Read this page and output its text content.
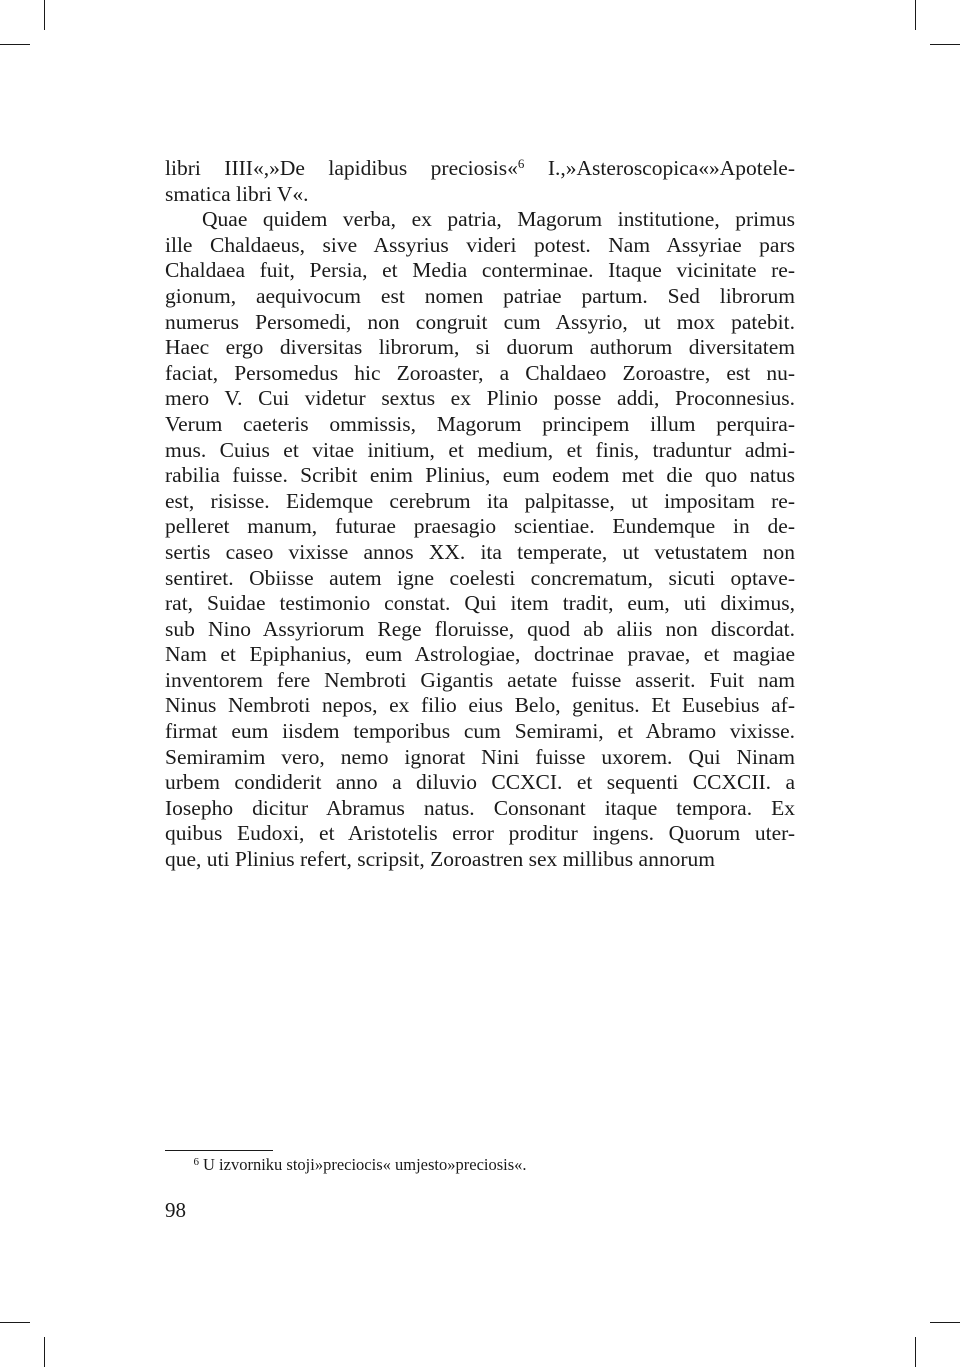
libri IIII«,»De lapidibus preciosis«$^6$ I.,»Asteroscopica«»Apotele-
smatica libri V«.
Quae quidem verba, ex patria, Magorum institutione, primus
ille Chaldaeus, sive Assyrius videri potest. Nam Assyriae pars
Chaldaea fuit, Persia, et Media conterminae. Itaque vicinitate re-
gionum, aequivocum est nomen patriae partum. Sed librorum
numerus Persomedi, non congruit cum Assyrio, ut mox patebit.
Haec ergo diversitas librorum, si duorum authorum diversitatem
faciat, Persomedus hic Zoroaster, a Chaldaeo Zoroastre, est nu-
mero V. Cui videtur sextus ex Plinio posse addi, Proconnesius.
Verum caeteris ommissis, Magorum principem illum perquira-
mus. Cuius et vitae initium, et medium, et finis, traduntur admi-
rabilia fuisse. Scribit enim Plinius, eum eodem met die quo natus
est, risisse. Eidemque cerebrum ita palpitasse, ut impositam re-
pelleret manum, futurae praesagio scientiae. Eundemque in de-
sertis caseo vixisse annos XX. ita temperate, ut vetustatem non
sentiret. Obiisse autem igne coelesti concrematum, sicuti optave-
rat, Suidae testimonio constat. Qui item tradit, eum, uti diximus,
sub Nino Assyriorum Rege floruisse, quod ab aliis non discordat.
Nam et Epiphanius, eum Astrologiae, doctrinae pravae, et magiae
inventorem fere Nembroti Gigantis aetate fuisse asserit. Fuit nam
Ninus Nembroti nepos, ex filio eius Belo, genitus. Et Eusebius af-
firmat eum iisdem temporibus cum Semirami, et Abramo vixisse.
Semiramim vero, nemo ignorat Nini fuisse uxorem. Qui Ninam
urbem condiderit anno a diluvio CCXCI. et sequenti CCXCII. a
Iosepho dicitur Abramus natus. Consonant itaque tempora. Ex
quibus Eudoxi, et Aristotelis error proditur ingens. Quorum uter-
que, uti Plinius refert, scripsit, Zoroastren sex millibus annorum
$^6$ U izvorniku stoji»preciocis« umjesto»preciosis«.
98
